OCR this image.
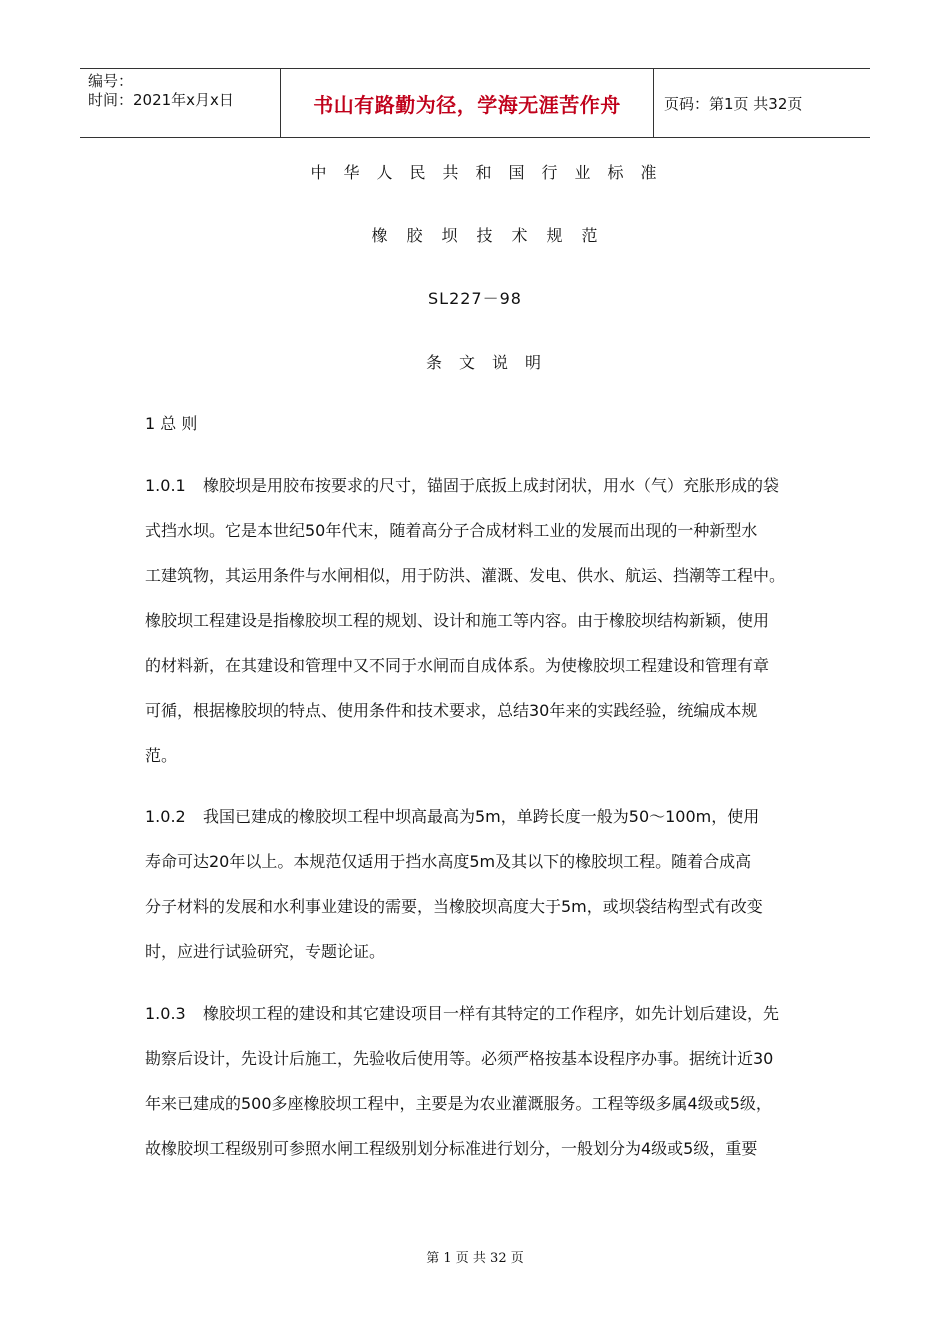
编号：
时间：2021年x月x日	书山有路勤为径，学海无涯苦作舟	页码：第1页 共32页
中华人民共和国行业标准
橡胶坝技术规范
SL227－98
条文说明
1 总 则
1.0.1 橡胶坝是用胶布按要求的尺寸，锚固于底扳上成封闭状，用水（气）充胀形成的袋
式挡水坝。它是本世纪50年代末，随着高分子合成材料工业的发展而出现的一种新型水
工建筑物，其运用条件与水闸相似，用于防洪、灌溉、发电、供水、航运、挡潮等工程中。
橡胶坝工程建设是指橡胶坝工程的规划、设计和施工等内容。由于橡胶坝结构新颖，使用
的材料新，在其建设和管理中又不同于水闸而自成体系。为使橡胶坝工程建设和管理有章
可循，根据橡胶坝的特点、使用条件和技术要求，总结30年来的实践经验，统编成本规
范。
1.0.2 我国已建成的橡胶坝工程中坝高最高为5m，单跨长度一般为50～100m，使用
寿命可达20年以上。本规范仅适用于挡水高度5m及其以下的橡胶坝工程。随着合成高
分子材料的发展和水利事业建设的需要，当橡胶坝高度大于5m，或坝袋结构型式有改变
时，应进行试验研究，专题论证。
1.0.3 橡胶坝工程的建设和其它建设项目一样有其特定的工作程序，如先计划后建设，先
勘察后设计，先设计后施工，先验收后使用等。必须严格按基本设程序办事。据统计近30
年来已建成的500多座橡胶坝工程中，主要是为农业灌溉服务。工程等级多属4级或5级，
故橡胶坝工程级别可参照水闸工程级别划分标准进行划分，一般划分为4级或5级，重要
第 1 页 共 32 页
